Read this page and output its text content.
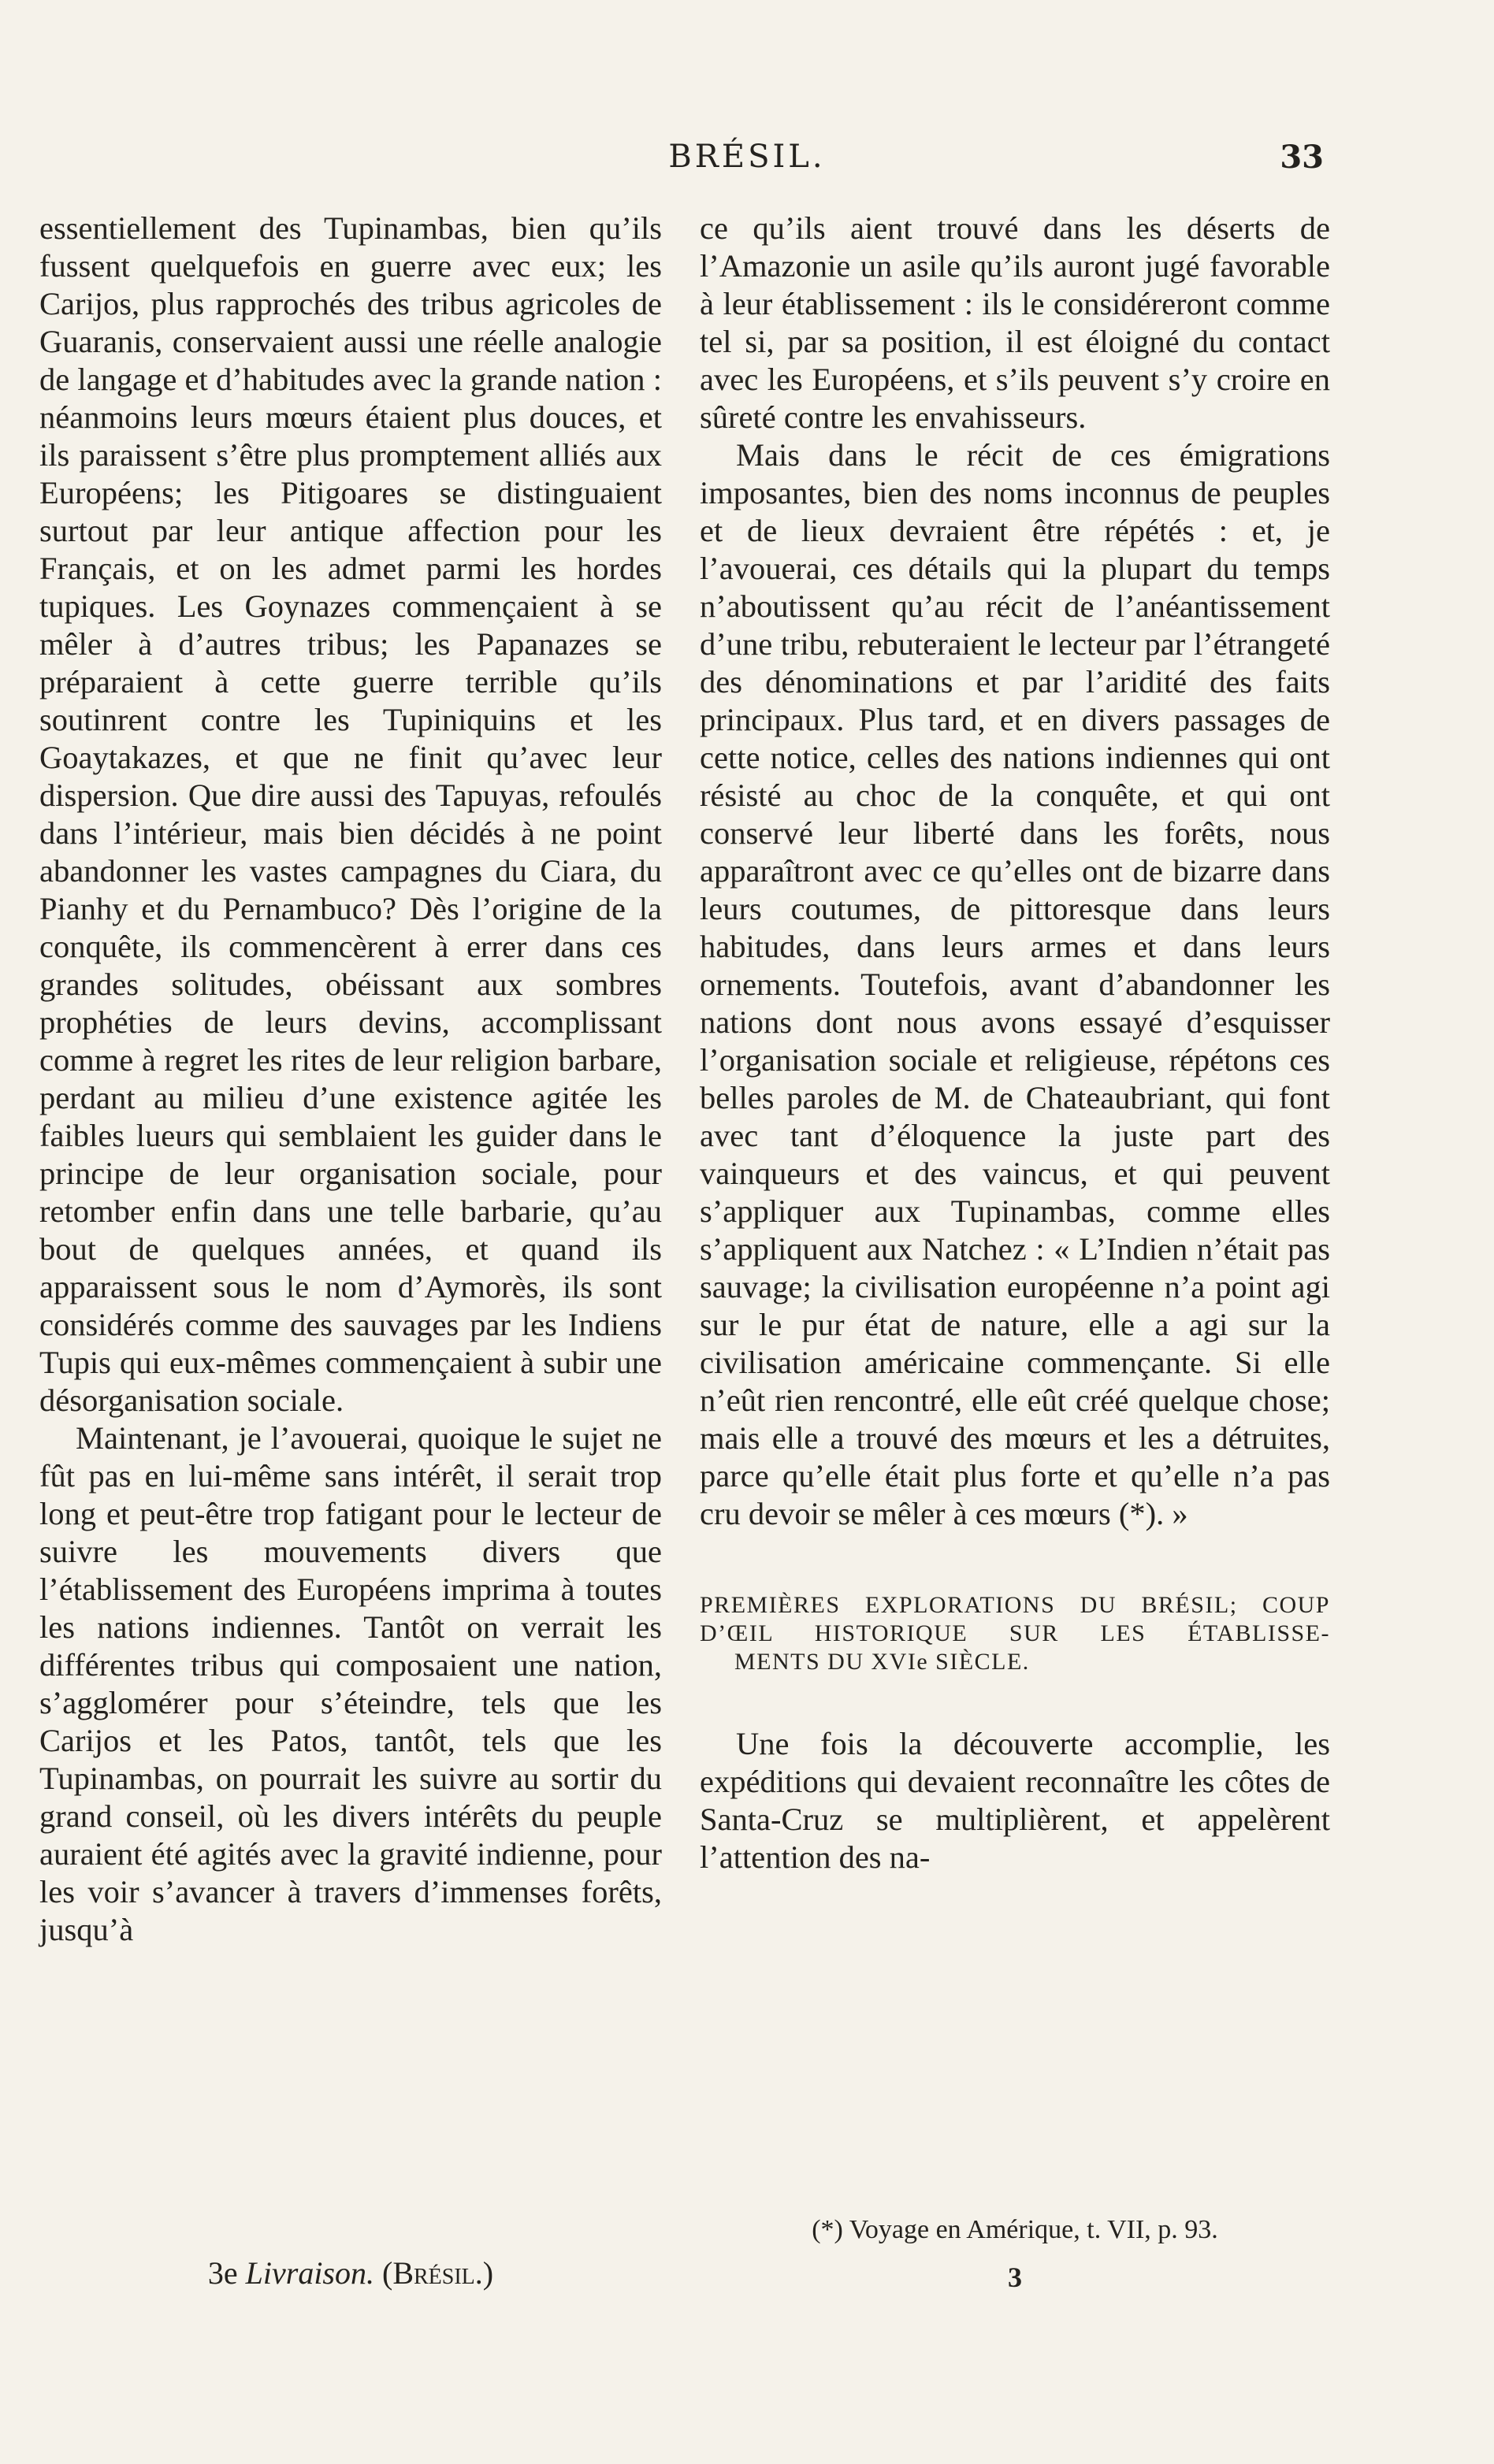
BRÉSIL.	33

essentiellement des Tupinambas, bien qu’ils fussent quelquefois en guerre avec eux; les Carijos, plus rapprochés des tribus agricoles de Guaranis, conservaient aussi une réelle analogie de langage et d’habitudes avec la grande nation : néanmoins leurs mœurs étaient plus douces, et ils paraissent s’être plus promptement alliés aux Européens; les Pitigoares se distinguaient surtout par leur antique affection pour les Français, et on les admet parmi les hordes tupiques. Les Goynazes commençaient à se mêler à d’autres tribus; les Papanazes se préparaient à cette guerre terrible qu’ils soutinrent contre les Tupiniquins et les Goaytakazes, et que ne finit qu’avec leur dispersion. Que dire aussi des Tapuyas, refoulés dans l’intérieur, mais bien décidés à ne point abandonner les vastes campagnes du Ciara, du Pianhy et du Pernambuco? Dès l’origine de la conquête, ils commencèrent à errer dans ces grandes solitudes, obéissant aux sombres prophéties de leurs devins, accomplissant comme à regret les rites de leur religion barbare, perdant au milieu d’une existence agitée les faibles lueurs qui semblaient les guider dans le principe de leur organisation sociale, pour retomber enfin dans une telle barbarie, qu’au bout de quelques années, et quand ils apparaissent sous le nom d’Aymorès, ils sont considérés comme des sauvages par les Indiens Tupis qui eux-mêmes commençaient à subir une désorganisation sociale.

Maintenant, je l’avouerai, quoique le sujet ne fût pas en lui-même sans intérêt, il serait trop long et peut-être trop fatigant pour le lecteur de suivre les mouvements divers que l’établissement des Européens imprima à toutes les nations indiennes. Tantôt on verrait les différentes tribus qui composaient une nation, s’agglomérer pour s’éteindre, tels que les Carijos et les Patos, tantôt, tels que les Tupinambas, on pourrait les suivre au sortir du grand conseil, où les divers intérêts du peuple auraient été agités avec la gravité indienne, pour les voir s’avancer à travers d’immenses forêts, jusqu’à

ce qu’ils aient trouvé dans les déserts de l’Amazonie un asile qu’ils auront jugé favorable à leur établissement : ils le considéreront comme tel si, par sa position, il est éloigné du contact avec les Européens, et s’ils peuvent s’y croire en sûreté contre les envahisseurs.

Mais dans le récit de ces émigrations imposantes, bien des noms inconnus de peuples et de lieux devraient être répétés : et, je l’avouerai, ces détails qui la plupart du temps n’aboutissent qu’au récit de l’anéantissement d’une tribu, rebuteraient le lecteur par l’étrangeté des dénominations et par l’aridité des faits principaux. Plus tard, et en divers passages de cette notice, celles des nations indiennes qui ont résisté au choc de la conquête, et qui ont conservé leur liberté dans les forêts, nous apparaîtront avec ce qu’elles ont de bizarre dans leurs coutumes, de pittoresque dans leurs habitudes, dans leurs armes et dans leurs ornements. Toutefois, avant d’abandonner les nations dont nous avons essayé d’esquisser l’organisation sociale et religieuse, répétons ces belles paroles de M. de Chateaubriant, qui font avec tant d’éloquence la juste part des vainqueurs et des vaincus, et qui peuvent s’appliquer aux Tupinambas, comme elles s’appliquent aux Natchez : « L’Indien n’était pas sauvage; la civilisation européenne n’a point agi sur le pur état de nature, elle a agi sur la civilisation américaine commençante. Si elle n’eût rien rencontré, elle eût créé quelque chose; mais elle a trouvé des mœurs et les a détruites, parce qu’elle était plus forte et qu’elle n’a pas cru devoir se mêler à ces mœurs (*). »

PREMIÈRES EXPLORATIONS DU BRÉSIL; COUP
D’ŒIL HISTORIQUE SUR LES ÉTABLISSE-
MENTS DU XVIe SIÈCLE.

Une fois la découverte accomplie, les expéditions qui devaient reconnaître les côtes de Santa-Cruz se multiplièrent, et appelèrent l’attention des na-

(*) Voyage en Amérique, t. VII, p. 93.
3
3e Livraison. (Brésil.)
